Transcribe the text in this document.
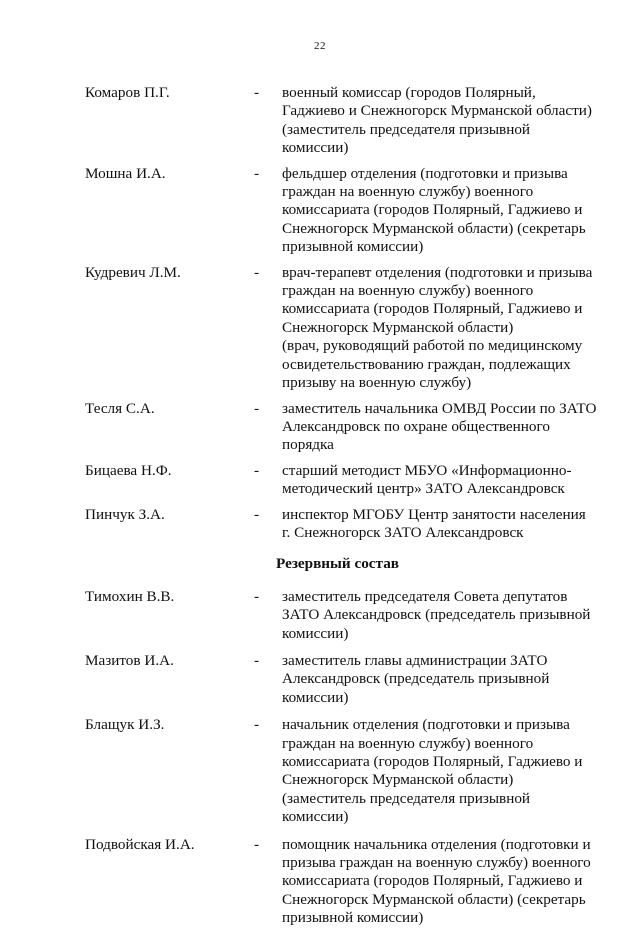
22
Комаров П.Г.	- военный комиссар (городов Полярный,
Гаджиево и Снежногорск Мурманской области)
(заместитель председателя призывной
комиссии)
Мошна И.А.	- фельдшер отделения (подготовки и призыва
граждан на военную службу) военного
комиссариата (городов Полярный, Гаджиево и
Снежногорск Мурманской области) (секретарь
призывной комиссии)
Кудревич Л.М.	- врач-терапевт отделения (подготовки и призыва
граждан на военную службу) военного
комиссариата (городов Полярный, Гаджиево и
Снежногорск Мурманской области)
(врач, руководящий работой по медицинскому
освидетельствованию граждан, подлежащих
призыву на военную службу)
Тесля С.А.	- заместитель начальника ОМВД России по ЗАТО
Александровск по охране общественного
порядка
Бицаева Н.Ф.	- старший методист МБУО «Информационно-
методический центр» ЗАТО Александровск
Пинчук З.А.	- инспектор МГОБУ Центр занятости населения
г. Снежногорск ЗАТО Александровск
Резервный состав
Тимохин В.В.	- заместитель председателя Совета депутатов
ЗАТО Александровск (председатель призывной
комиссии)
Мазитов И.А.	- заместитель главы администрации ЗАТО
Александровск (председатель призывной
комиссии)
Блащук И.З.	- начальник отделения (подготовки и призыва
граждан на военную службу) военного
комиссариата (городов Полярный, Гаджиево и
Снежногорск Мурманской области)
(заместитель председателя призывной
комиссии)
Подвойская И.А.	- помощник начальника отделения (подготовки и
призыва граждан на военную службу) военного
комиссариата (городов Полярный, Гаджиево и
Снежногорск Мурманской области) (секретарь
призывной комиссии)
